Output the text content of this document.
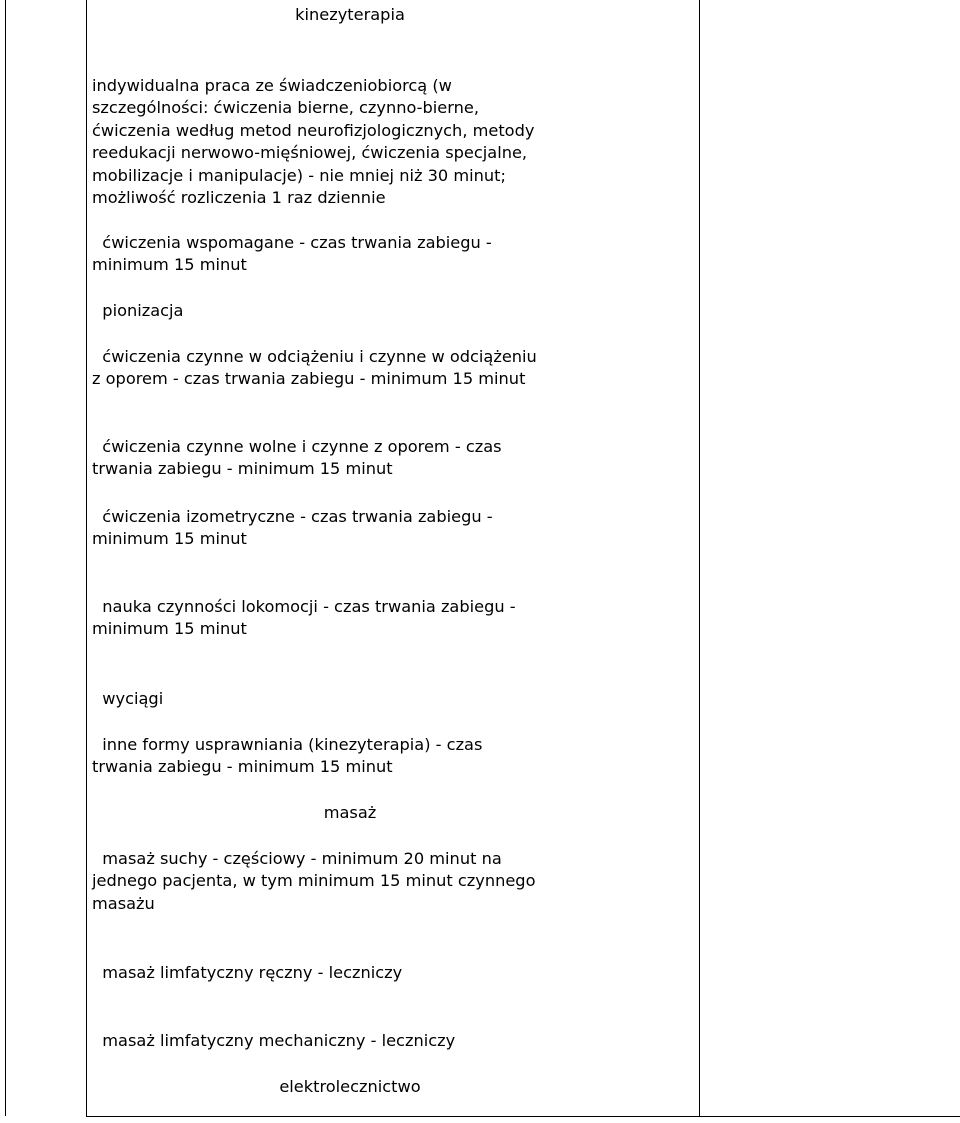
kinezyterapia
indywidualna praca ze świadczeniobiorcą (w
szczególności: ćwiczenia bierne, czynno-bierne,
ćwiczenia według metod neurofizjologicznych, metody
reedukacji nerwowo-mięśniowej, ćwiczenia specjalne,
mobilizacje i manipulacje) - nie mniej niż 30 minut;
możliwość rozliczenia 1 raz dziennie
ćwiczenia wspomagane - czas trwania zabiegu -
minimum 15 minut
pionizacja
ćwiczenia czynne w odciążeniu i czynne w odciążeniu
z oporem - czas trwania zabiegu - minimum 15 minut
ćwiczenia czynne wolne i czynne z oporem - czas
trwania zabiegu - minimum 15 minut
ćwiczenia izometryczne - czas trwania zabiegu -
minimum 15 minut
nauka czynności lokomocji - czas trwania zabiegu -
minimum 15 minut
wyciągi
inne formy usprawniania (kinezyterapia) - czas
trwania zabiegu - minimum 15 minut
masaż
masaż suchy - częściowy - minimum 20 minut na
jednego pacjenta, w tym minimum 15 minut czynnego
masażu
masaż limfatyczny ręczny - leczniczy
masaż limfatyczny mechaniczny - leczniczy
elektrolecznictwo
